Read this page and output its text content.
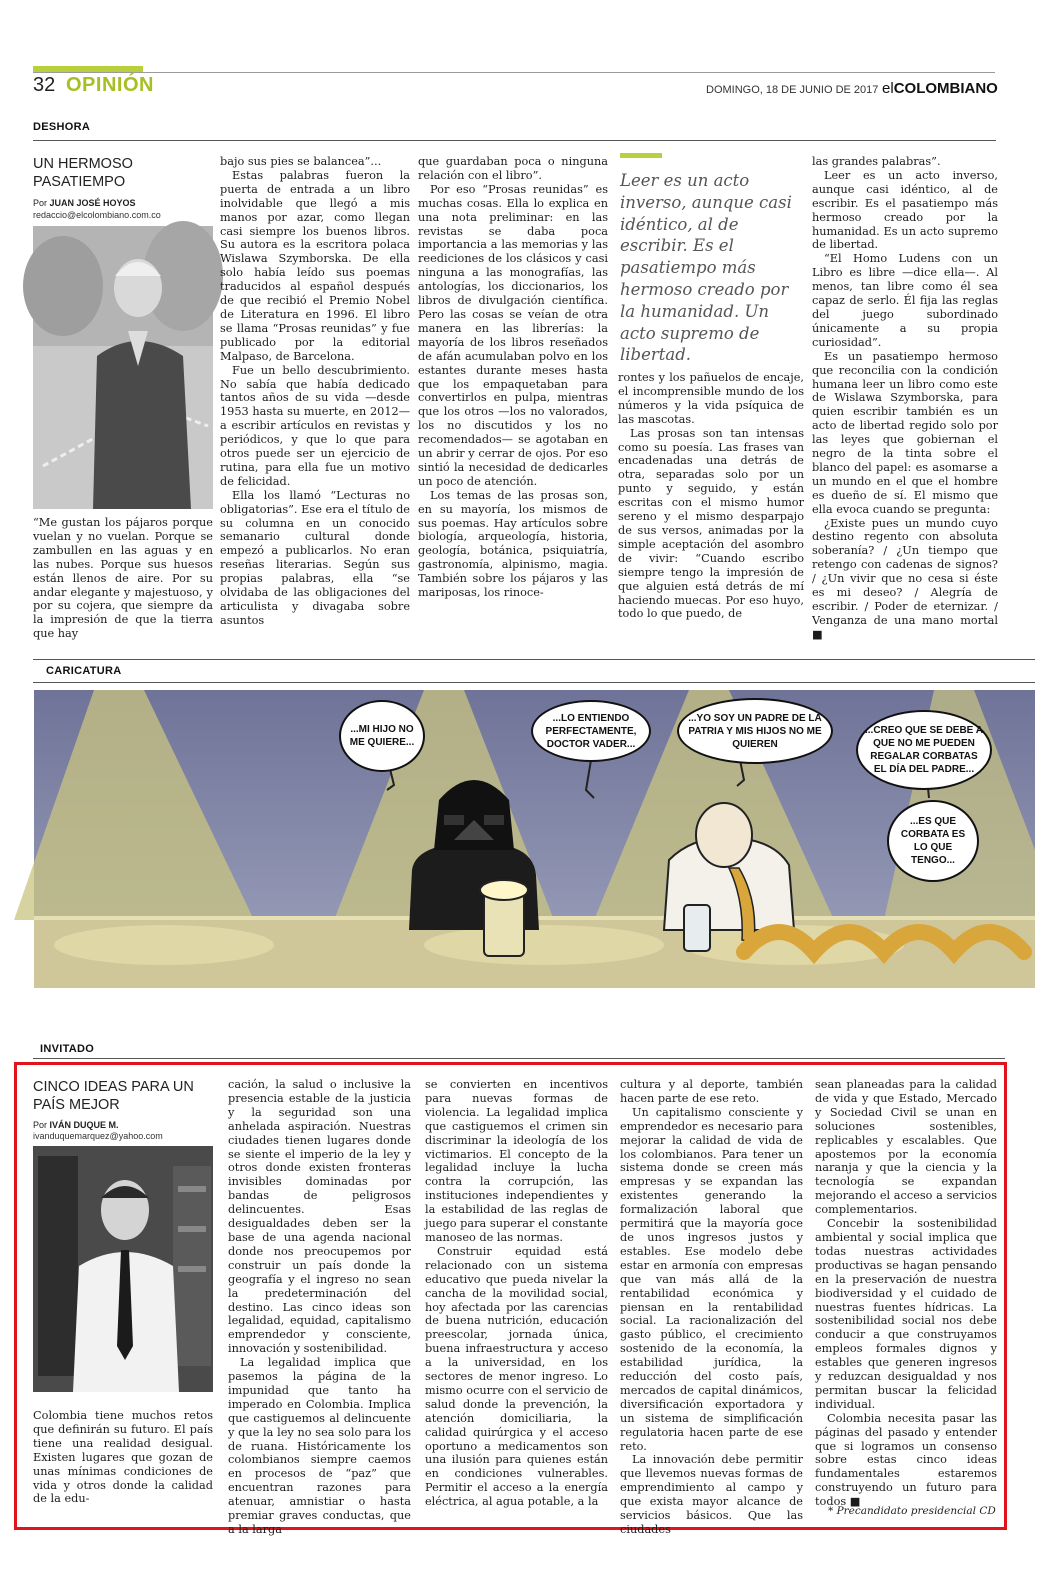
32 OPINIÓN	DOMINGO, 18 DE JUNIO DE 2017 elCOLOMBIANO
DESHORA
UN HERMOSO PASATIEMPO
Por JUAN JOSÉ HOYOS
redaccio@elcolombiano.com.co

“Me gustan los pájaros porque vuelan y no vuelan. Porque se zambullen en las aguas y en las nubes. Porque sus huesos están llenos de aire. Por su andar elegante y majestuoso, y por su cojera, que siempre da la impresión de que la tierra que hay

bajo sus pies se balancea”...

Estas palabras fueron la puerta de entrada a un libro inolvidable que llegó a mis manos por azar, como llegan casi siempre los buenos libros. Su autora es la escritora polaca Wislawa Szymborska. De ella solo había leído sus poemas traducidos al español después de que recibió el Premio Nobel de Literatura en 1996. El libro se llama “Prosas reunidas” y fue publicado por la editorial Malpaso, de Barcelona.

Fue un bello descubrimiento. No sabía que había dedicado tantos años de su vida —desde 1953 hasta su muerte, en 2012— a escribir artículos en revistas y periódicos, y que lo que para otros puede ser un ejercicio de rutina, para ella fue un motivo de felicidad.

Ella los llamó “Lecturas no obligatorias”. Ese era el título de su columna en un conocido semanario cultural donde empezó a publicarlos. No eran reseñas literarias. Según sus propias palabras, ella “se olvidaba de las obligaciones del articulista y divagaba sobre asuntos

que guardaban poca o ninguna relación con el libro”.

Por eso “Prosas reunidas” es muchas cosas. Ella lo explica en una nota preliminar: en las revistas se daba poca importancia a las memorias y las reediciones de los clásicos y casi ninguna a las monografías, las antologías, los diccionarios, los libros de divulgación científica. Pero las cosas se veían de otra manera en las librerías: la mayoría de los libros reseñados de afán acumulaban polvo en los estantes durante meses hasta que los empaquetaban para convertirlos en pulpa, mientras que los otros —los no valorados, los no discutidos y los no recomendados— se agotaban en un abrir y cerrar de ojos. Por eso sintió la necesidad de dedicarles un poco de atención.

Los temas de las prosas son, en su mayoría, los mismos de sus poemas. Hay artículos sobre biología, arqueología, historia, geología, botánica, psiquiatría, gastronomía, alpinismo, magia. También sobre los pájaros y las mariposas, los rinoce-

Leer es un acto inverso, aunque casi idéntico, al de escribir. Es el pasatiempo más hermoso creado por la humanidad. Un acto supremo de libertad.

rontes y los pañuelos de encaje, el incomprensible mundo de los números y la vida psíquica de las mascotas.

Las prosas son tan intensas como su poesía. Las frases van encadenadas una detrás de otra, separadas solo por un punto y seguido, y están escritas con el mismo humor sereno y el mismo desparpajo de sus versos, animadas por la simple aceptación del asombro de vivir: “Cuando escribo siempre tengo la impresión de que alguien está detrás de mí haciendo muecas. Por eso huyo, todo lo que puedo, de

las grandes palabras”.

Leer es un acto inverso, aunque casi idéntico, al de escribir. Es el pasatiempo más hermoso creado por la humanidad. Es un acto supremo de libertad.

“El Homo Ludens con un Libro es libre —dice ella—. Al menos, tan libre como él sea capaz de serlo. Él fija las reglas del juego subordinado únicamente a su propia curiosidad”.

Es un pasatiempo hermoso que reconcilia con la condición humana leer un libro como este de Wislawa Szymborska, para quien escribir también es un acto de libertad regido solo por las leyes que gobiernan el negro de la tinta sobre el blanco del papel: es asomarse a un mundo en el que el hombre es dueño de sí. El mismo que ella evoca cuando se pregunta:

¿Existe pues un mundo cuyo destino regento con absoluta soberanía? / ¿Un tiempo que retengo con cadenas de signos? / ¿Un vivir que no cesa si éste es mi deseo? / Alegría de escribir. / Poder de eternizar. / Venganza de una mano mortal ■

CARICATURA
...MI HIJO NO ME QUIERE...
...LO ENTIENDO PERFECTAMENTE, DOCTOR VADER...
...YO SOY UN PADRE DE LA PATRIA Y MIS HIJOS NO ME QUIEREN
...CREO QUE SE DEBE A QUE NO ME PUEDEN REGALAR CORBATAS EL DÍA DEL PADRE...
...ES QUE CORBATA ES LO QUE TENGO...
INVITADO
CINCO IDEAS PARA UN PAÍS MEJOR
Por IVÁN DUQUE M.
ivanduquemarquez@yahoo.com

Colombia tiene muchos retos que definirán su futuro. El país tiene una realidad desigual. Existen lugares que gozan de unas mínimas condiciones de vida y otros donde la calidad de la edu-

cación, la salud o inclusive la presencia estable de la justicia y la seguridad son una anhelada aspiración. Nuestras ciudades tienen lugares donde se siente el imperio de la ley y otros donde existen fronteras invisibles dominadas por bandas de peligrosos delincuentes. Esas desigualdades deben ser la base de una agenda nacional donde nos preocupemos por construir un país donde la geografía y el ingreso no sean la predeterminación del destino. Las cinco ideas son legalidad, equidad, capitalismo emprendedor y consciente, innovación y sostenibilidad.

La legalidad implica que pasemos la página de la impunidad que tanto ha imperado en Colombia. Implica que castiguemos al delincuente y que la ley no sea solo para los de ruana. Históricamente los colombianos siempre caemos en procesos de “paz” que encuentran razones para atenuar, amnistiar o hasta premiar graves conductas, que a la larga

se convierten en incentivos para nuevas formas de violencia. La legalidad implica que castiguemos el crimen sin discriminar la ideología de los victimarios. El concepto de la legalidad incluye la lucha contra la corrupción, las instituciones independientes y la estabilidad de las reglas de juego para superar el constante manoseo de las normas.

Construir equidad está relacionado con un sistema educativo que pueda nivelar la cancha de la movilidad social, hoy afectada por las carencias de buena nutrición, educación preescolar, jornada única, buena infraestructura y acceso a la universidad, en los sectores de menor ingreso. Lo mismo ocurre con el servicio de salud donde la prevención, la atención domiciliaria, la calidad quirúrgica y el acceso oportuno a medicamentos son una ilusión para quienes están en condiciones vulnerables. Permitir el acceso a la energía eléctrica, al agua potable, a la

cultura y al deporte, también hacen parte de ese reto.

Un capitalismo consciente y emprendedor es necesario para mejorar la calidad de vida de los colombianos. Para tener un sistema donde se creen más empresas y se expandan las existentes generando la formalización laboral que permitirá que la mayoría goce de unos ingresos justos y estables. Ese modelo debe estar en armonía con empresas que van más allá de la rentabilidad económica y piensan en la rentabilidad social. La racionalización del gasto público, el crecimiento sostenido de la economía, la estabilidad jurídica, la reducción del costo país, mercados de capital dinámicos, diversificación exportadora y un sistema de simplificación regulatoria hacen parte de ese reto.

La innovación debe permitir que llevemos nuevas formas de emprendimiento al campo y que exista mayor alcance de servicios básicos. Que las ciudades

sean planeadas para la calidad de vida y que Estado, Mercado y Sociedad Civil se unan en soluciones sostenibles, replicables y escalables. Que apostemos por la economía naranja y que la ciencia y la tecnología se expandan mejorando el acceso a servicios complementarios.

Concebir la sostenibilidad ambiental y social implica que todas nuestras actividades productivas se hagan pensando en la preservación de nuestra biodiversidad y el cuidado de nuestras fuentes hídricas. La sostenibilidad social nos debe conducir a que construyamos empleos formales dignos y estables que generen ingresos y reduzcan desigualdad y nos permitan buscar la felicidad individual.

Colombia necesita pasar las páginas del pasado y entender que si logramos un consenso sobre estas cinco ideas fundamentales estaremos construyendo un futuro para todos ■

* Precandidato presidencial CD
